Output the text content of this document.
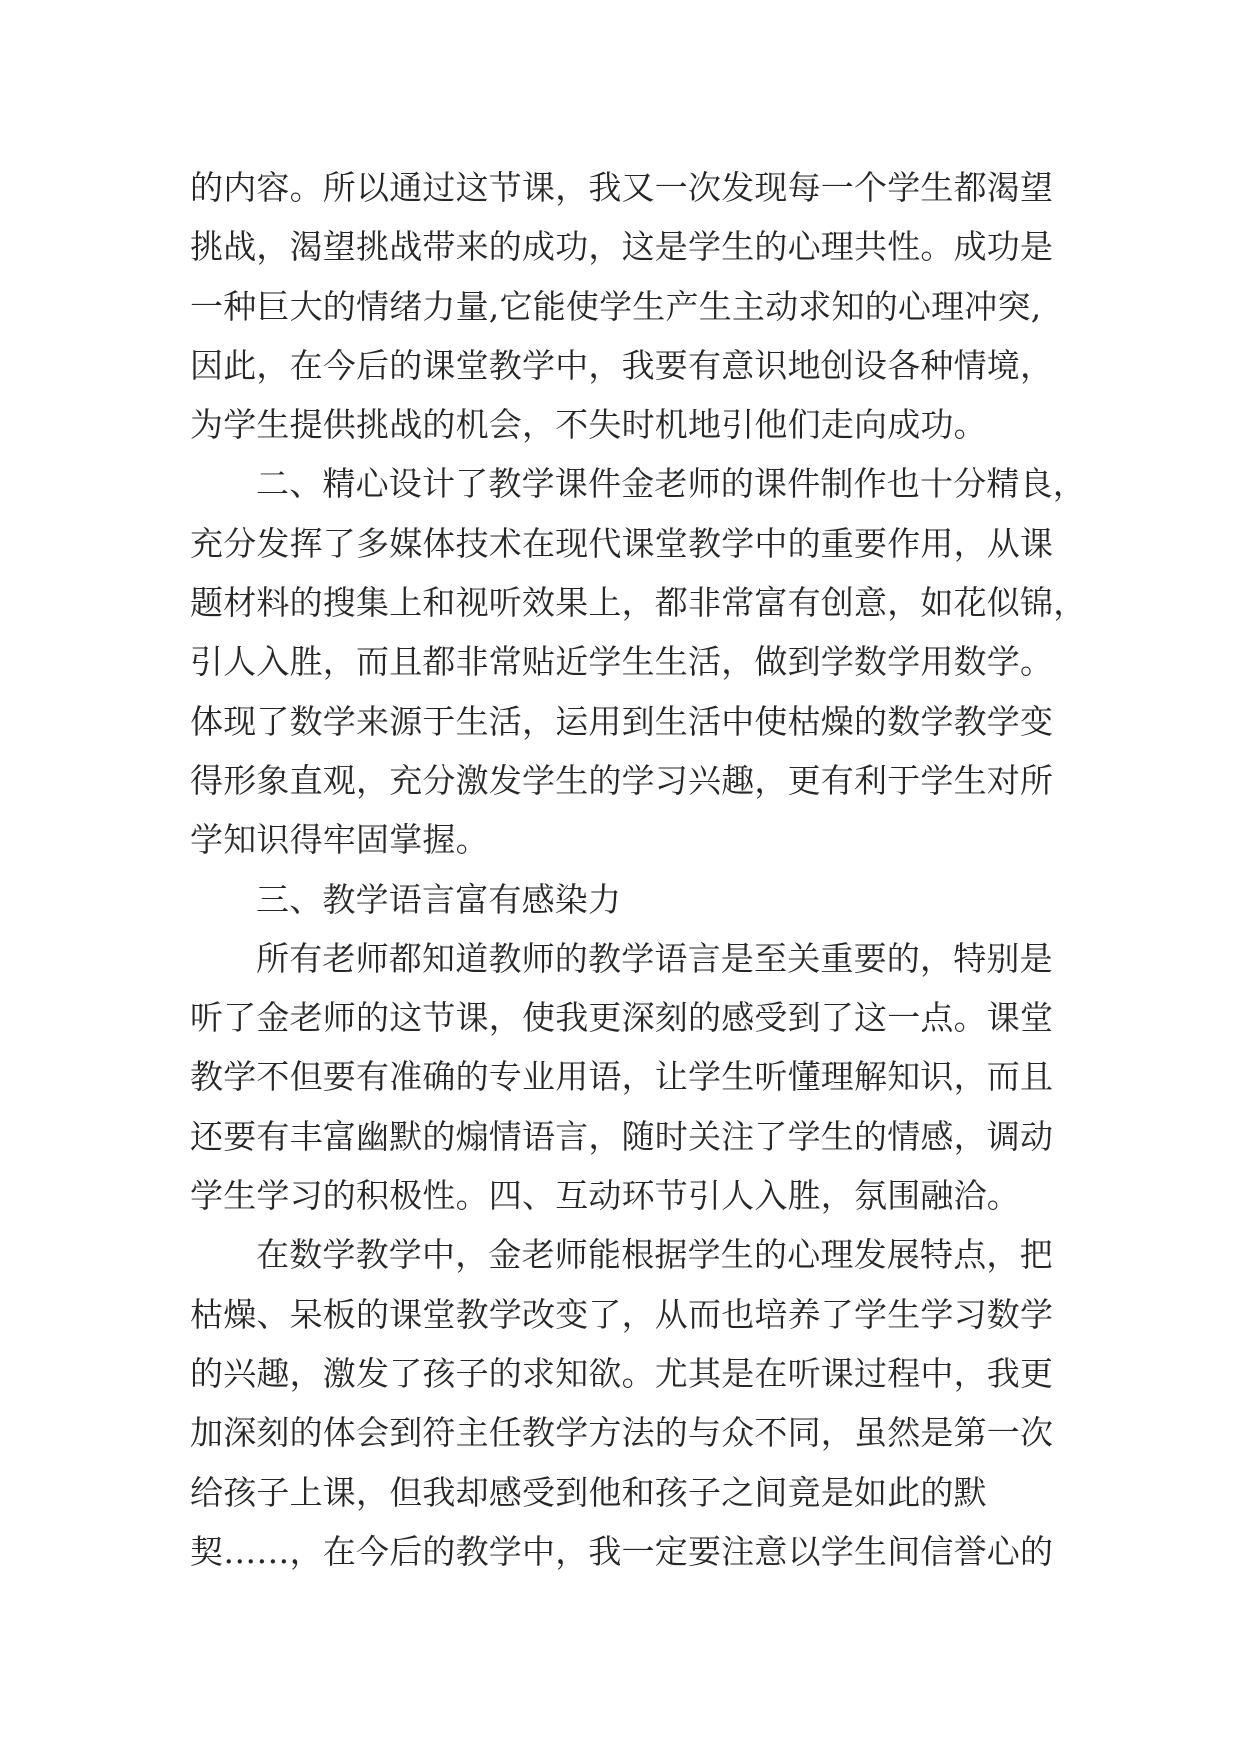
的内容。所以通过这节课，我又一次发现每一个学生都渴望
挑战，渴望挑战带来的成功，这是学生的心理共性。成功是
一种巨大的情绪力量,它能使学生产生主动求知的心理冲突,
因此，在今后的课堂教学中，我要有意识地创设各种情境，
为学生提供挑战的机会，不失时机地引他们走向成功。
二、精心设计了教学课件金老师的课件制作也十分精良，
充分发挥了多媒体技术在现代课堂教学中的重要作用，从课
题材料的搜集上和视听效果上，都非常富有创意，如花似锦，
引人入胜，而且都非常贴近学生生活，做到学数学用数学。
体现了数学来源于生活，运用到生活中使枯燥的数学教学变
得形象直观，充分激发学生的学习兴趣，更有利于学生对所
学知识得牢固掌握。
三、教学语言富有感染力
所有老师都知道教师的教学语言是至关重要的，特别是
听了金老师的这节课，使我更深刻的感受到了这一点。课堂
教学不但要有准确的专业用语，让学生听懂理解知识，而且
还要有丰富幽默的煽情语言，随时关注了学生的情感，调动
学生学习的积极性。四、互动环节引人入胜，氛围融洽。
在数学教学中，金老师能根据学生的心理发展特点，把
枯燥、呆板的课堂教学改变了，从而也培养了学生学习数学
的兴趣，激发了孩子的求知欲。尤其是在听课过程中，我更
加深刻的体会到符主任教学方法的与众不同，虽然是第一次
给孩子上课，但我却感受到他和孩子之间竟是如此的默
契……，在今后的教学中，我一定要注意以学生间信誉心的
